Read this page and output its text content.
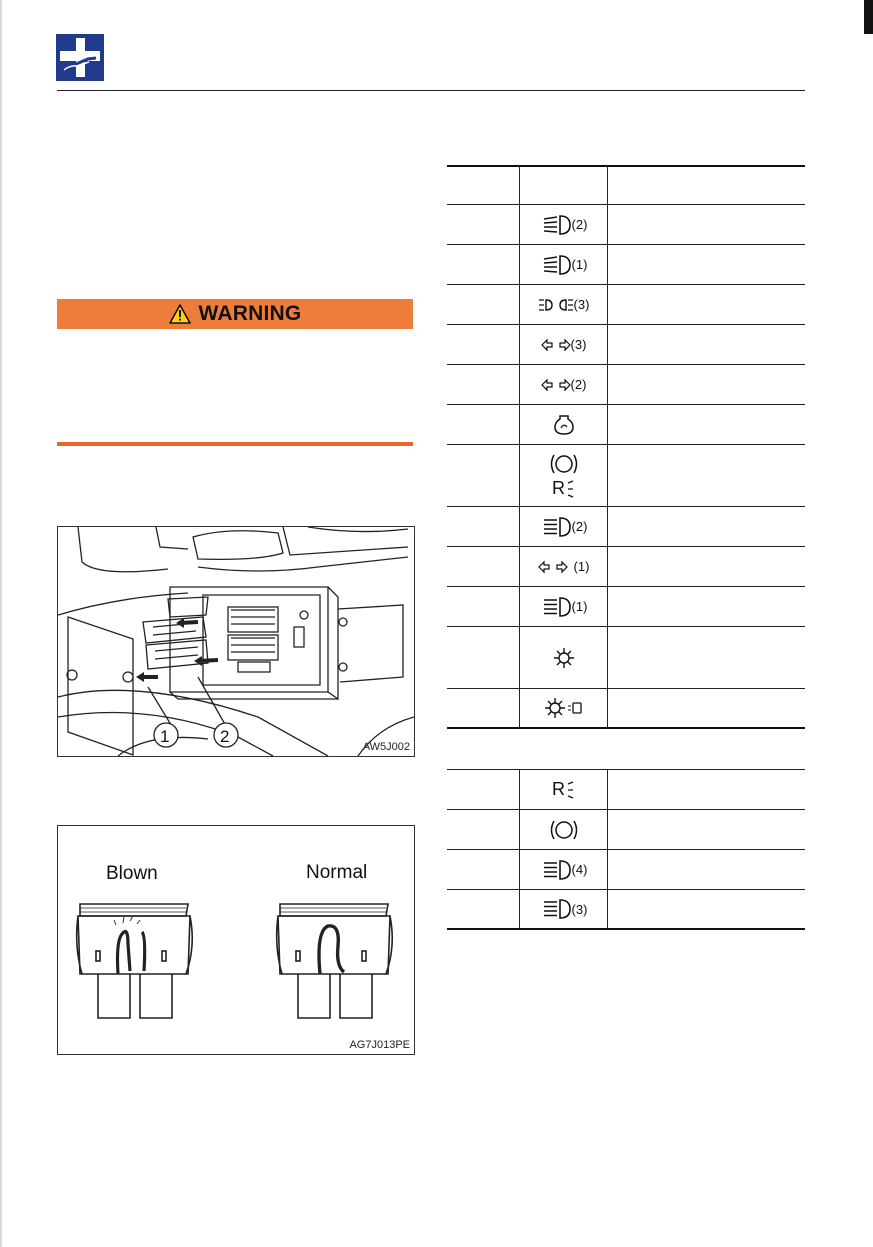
WARNING
1	2
AW5J002
Blown	Normal
AG7J013PE
(2)
(1)
(3)
(3)
(2)
R
(2)
(1)
(1)
R
(4)
(3)
